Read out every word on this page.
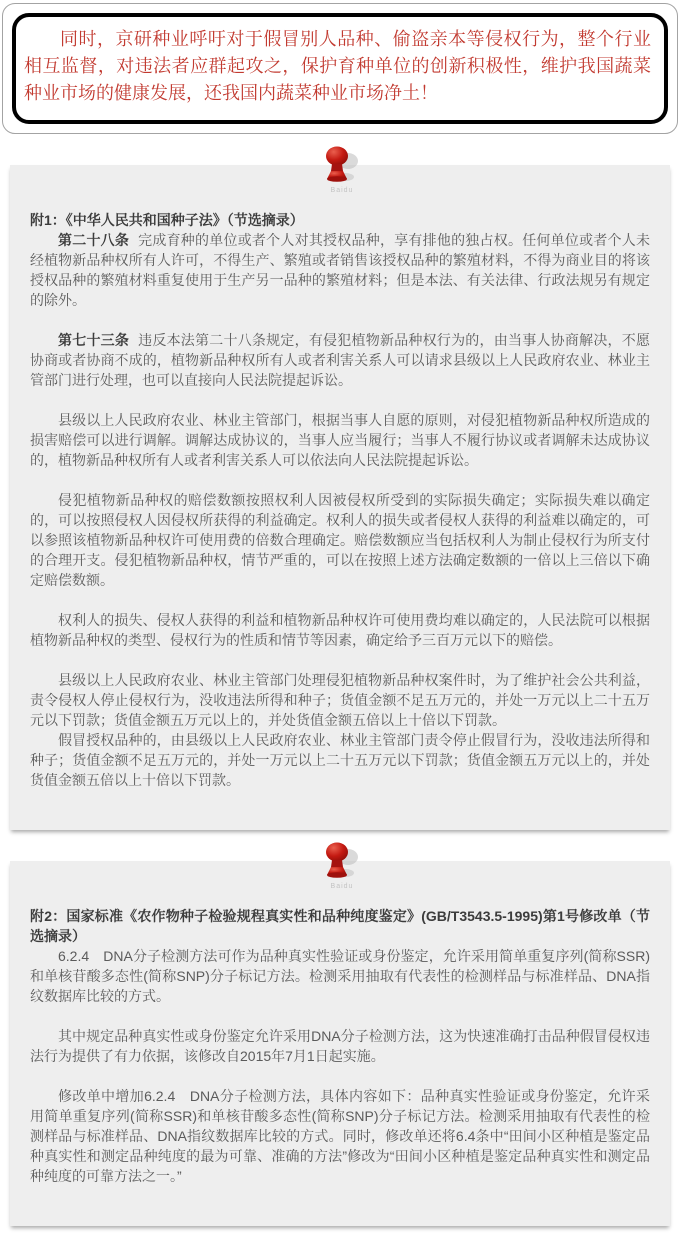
同时，京研种业呼吁对于假冒别人品种、偷盗亲本等侵权行为，整个行业相互监督，对违法者应群起攻之，保护育种单位的创新积极性，维护我国蔬菜种业市场的健康发展，还我国内蔬菜种业市场净土！

Baidu

附1：《中华人民共和国种子法》（节选摘录）

第二十八条 完成育种的单位或者个人对其授权品种，享有排他的独占权。任何单位或者个人未经植物新品种权所有人许可，不得生产、繁殖或者销售该授权品种的繁殖材料，不得为商业目的将该授权品种的繁殖材料重复使用于生产另一品种的繁殖材料；但是本法、有关法律、行政法规另有规定的除外。

第七十三条 违反本法第二十八条规定，有侵犯植物新品种权行为的，由当事人协商解决，不愿协商或者协商不成的，植物新品种权所有人或者利害关系人可以请求县级以上人民政府农业、林业主管部门进行处理，也可以直接向人民法院提起诉讼。

县级以上人民政府农业、林业主管部门，根据当事人自愿的原则，对侵犯植物新品种权所造成的损害赔偿可以进行调解。调解达成协议的，当事人应当履行；当事人不履行协议或者调解未达成协议的，植物新品种权所有人或者利害关系人可以依法向人民法院提起诉讼。

侵犯植物新品种权的赔偿数额按照权利人因被侵权所受到的实际损失确定；实际损失难以确定的，可以按照侵权人因侵权所获得的利益确定。权利人的损失或者侵权人获得的利益难以确定的，可以参照该植物新品种权许可使用费的倍数合理确定。赔偿数额应当包括权利人为制止侵权行为所支付的合理开支。侵犯植物新品种权，情节严重的，可以在按照上述方法确定数额的一倍以上三倍以下确定赔偿数额。

权利人的损失、侵权人获得的利益和植物新品种权许可使用费均难以确定的，人民法院可以根据植物新品种权的类型、侵权行为的性质和情节等因素，确定给予三百万元以下的赔偿。

县级以上人民政府农业、林业主管部门处理侵犯植物新品种权案件时，为了维护社会公共利益，责令侵权人停止侵权行为，没收违法所得和种子；货值金额不足五万元的，并处一万元以上二十五万元以下罚款；货值金额五万元以上的，并处货值金额五倍以上十倍以下罚款。

假冒授权品种的，由县级以上人民政府农业、林业主管部门责令停止假冒行为，没收违法所得和种子；货值金额不足五万元的，并处一万元以上二十五万元以下罚款；货值金额五万元以上的，并处货值金额五倍以上十倍以下罚款。

Baidu

附2：国家标准《农作物种子检验规程真实性和品种纯度鉴定》(GB/T3543.5-1995)第1号修改单（节选摘录）

6.2.4　DNA分子检测方法可作为品种真实性验证或身份鉴定，允许采用简单重复序列(简称SSR)和单核苷酸多态性(简称SNP)分子标记方法。检测采用抽取有代表性的检测样品与标准样品、DNA指纹数据库比较的方式。

其中规定品种真实性或身份鉴定允许采用DNA分子检测方法，这为快速准确打击品种假冒侵权违法行为提供了有力依据，该修改自2015年7月1日起实施。

修改单中增加6.2.4　DNA分子检测方法，具体内容如下：品种真实性验证或身份鉴定，允许采用简单重复序列(简称SSR)和单核苷酸多态性(简称SNP)分子标记方法。检测采用抽取有代表性的检测样品与标准样品、DNA指纹数据库比较的方式。同时，修改单还将6.4条中“田间小区种植是鉴定品种真实性和测定品种纯度的最为可靠、准确的方法”修改为“田间小区种植是鉴定品种真实性和测定品种纯度的可靠方法之一。”
